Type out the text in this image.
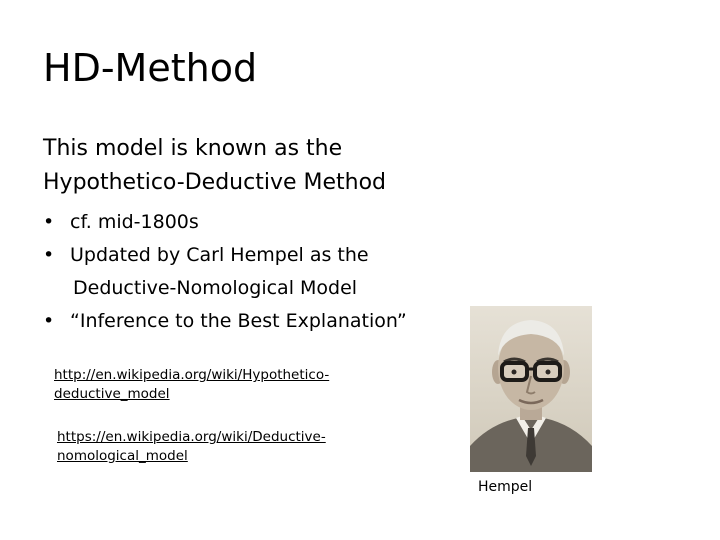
HD-Method
This model is known as the
Hypothetico-Deductive Method
• cf. mid-1800s
• Updated by Carl Hempel as the
Deductive-Nomological Model
• “Inference to the Best Explanation”
http://en.wikipedia.org/wiki/Hypothetico-
deductive_model
https://en.wikipedia.org/wiki/Deductive-
nomological_model
Hempel
